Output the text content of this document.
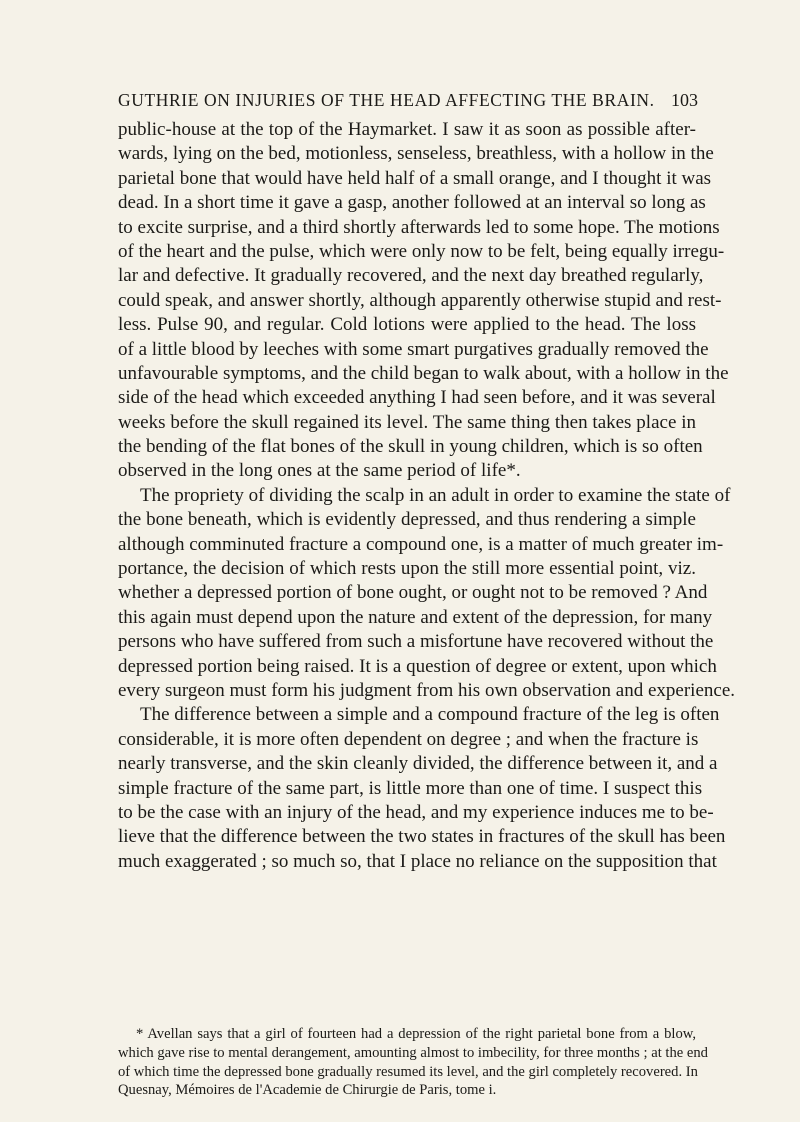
GUTHRIE ON INJURIES OF THE HEAD AFFECTING THE BRAIN. 103
public-house at the top of the Haymarket. I saw it as soon as possible after-
wards, lying on the bed, motionless, senseless, breathless, with a hollow in the
parietal bone that would have held half of a small orange, and I thought it was
dead. In a short time it gave a gasp, another followed at an interval so long as
to excite surprise, and a third shortly afterwards led to some hope. The motions
of the heart and the pulse, which were only now to be felt, being equally irregu-
lar and defective. It gradually recovered, and the next day breathed regularly,
could speak, and answer shortly, although apparently otherwise stupid and rest-
less. Pulse 90, and regular. Cold lotions were applied to the head. The loss
of a little blood by leeches with some smart purgatives gradually removed the
unfavourable symptoms, and the child began to walk about, with a hollow in the
side of the head which exceeded anything I had seen before, and it was several
weeks before the skull regained its level. The same thing then takes place in
the bending of the flat bones of the skull in young children, which is so often
observed in the long ones at the same period of life*.
The propriety of dividing the scalp in an adult in order to examine the state of
the bone beneath, which is evidently depressed, and thus rendering a simple
although comminuted fracture a compound one, is a matter of much greater im-
portance, the decision of which rests upon the still more essential point, viz.
whether a depressed portion of bone ought, or ought not to be removed ? And
this again must depend upon the nature and extent of the depression, for many
persons who have suffered from such a misfortune have recovered without the
depressed portion being raised. It is a question of degree or extent, upon which
every surgeon must form his judgment from his own observation and experience.
The difference between a simple and a compound fracture of the leg is often
considerable, it is more often dependent on degree ; and when the fracture is
nearly transverse, and the skin cleanly divided, the difference between it, and a
simple fracture of the same part, is little more than one of time. I suspect this
to be the case with an injury of the head, and my experience induces me to be-
lieve that the difference between the two states in fractures of the skull has been
much exaggerated ; so much so, that I place no reliance on the supposition that
* Avellan says that a girl of fourteen had a depression of the right parietal bone from a blow,
which gave rise to mental derangement, amounting almost to imbecility, for three months ; at the end
of which time the depressed bone gradually resumed its level, and the girl completely recovered. In
Quesnay, Mémoires de l'Academie de Chirurgie de Paris, tome i.
